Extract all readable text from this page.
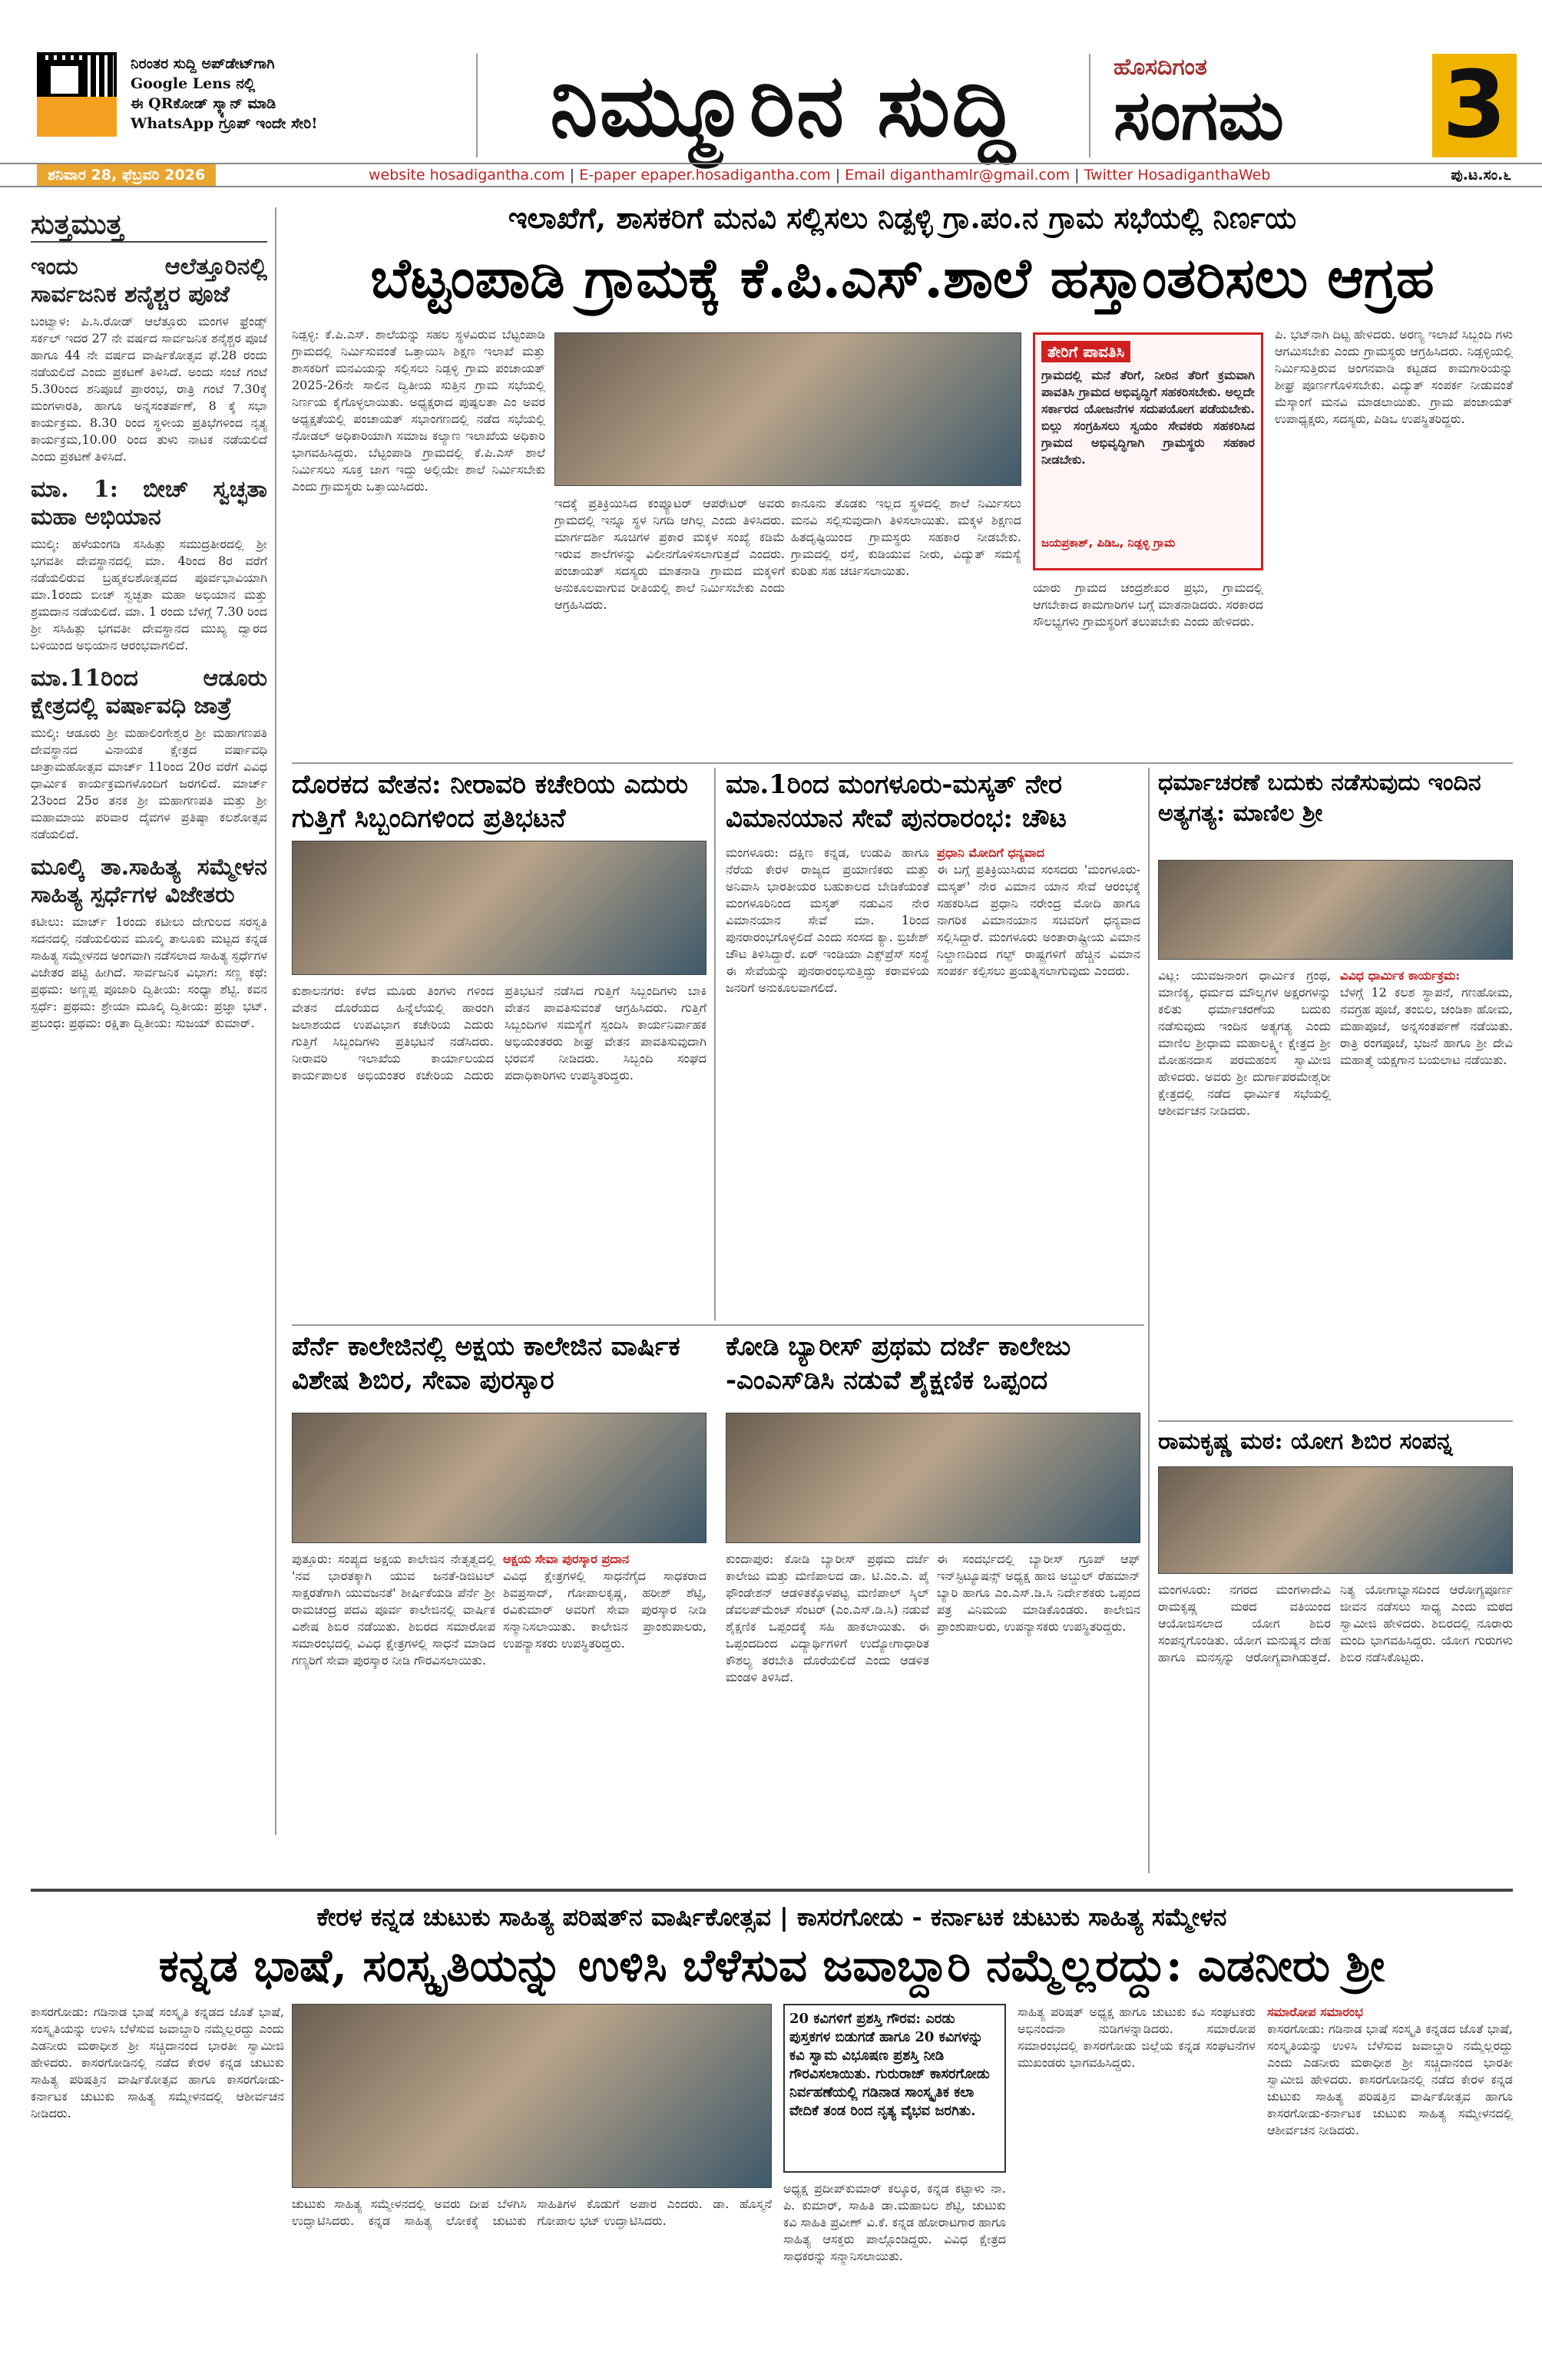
ನಿರಂತರ ಸುದ್ದಿ ಅಪ್‌ಡೇಟ್‌ಗಾಗಿ
Google Lens ನಲ್ಲಿ
ಈ QRಕೋಡ್ ಸ್ಕ್ಯಾನ್ ಮಾಡಿ
WhatsApp ಗ್ರೂಪ್ ಇಂದೇ ಸೇರಿ!	ನಿಮ್ಮೂರಿನ ಸುದ್ದಿ	ಹೊಸದಿಗಂತ
ಸಂಗಮ 3
ಶನಿವಾರ 28, ಫೆಬ್ರವರಿ 2026	website hosadigantha.com | E-paper epaper.hosadigantha.com | Email diganthamlr@gmail.com | Twitter HosadiganthaWeb	ಪು.ಟ.ಸಂ.೬
ಸುತ್ತಮುತ್ತ
ಇಂದು ಆಲೆತ್ತೂರಿನಲ್ಲಿ ಸಾರ್ವಜನಿಕ ಶನೈಶ್ಚರ ಪೂಜೆ
ಬಂಟ್ವಾಳ: ಪಿ.ಸಿ.ರೋಡ್ ಆಲೆತ್ತೂರು ಮಂಗಳ ಫ್ರೆಂಡ್ಸ್ ಸರ್ಕಲ್ ಇದರ 27 ನೇ ವರ್ಷದ ಸಾರ್ವಜನಿಕ ಶನೈಶ್ಚರ ಪೂಜೆ ಹಾಗೂ 44 ನೇ ವರ್ಷದ ವಾರ್ಷಿಕೋತ್ಸವ ಫೆ.28 ರಂದು ನಡೆಯಲಿದೆ ಎಂದು ಪ್ರಕಟಣೆ ತಿಳಿಸಿದೆ. ಅಂದು ಸಂಜೆ ಗಂಟೆ 5.30ರಿಂದ ಶನಿಪೂಜೆ ಪ್ರಾರಂಭ, ರಾತ್ರಿ ಗಂಟೆ 7.30ಕ್ಕೆ ಮಂಗಳಾರತಿ, ಹಾಗೂ ಅನ್ನಸಂತರ್ಪಣೆ, 8 ಕ್ಕೆ ಸಭಾ ಕಾರ್ಯಕ್ರಮ. 8.30 ರಿಂದ ಸ್ಥಳೀಯ ಪ್ರತಿಭೆಗಳಿಂದ ನೃತ್ಯ ಕಾರ್ಯಕ್ರಮ,10.00 ರಿಂದ ತುಳು ನಾಟಕ ನಡೆಯಲಿದೆ ಎಂದು ಪ್ರಕಟಣೆ ತಿಳಿಸಿದೆ.
ಮಾ. 1: ಬೀಚ್ ಸ್ವಚ್ಛತಾ ಮಹಾ ಅಭಿಯಾನ
ಮುಲ್ಕಿ: ಹಳೆಯಂಗಡಿ ಸಸಿಹಿತ್ಲು ಸಮುದ್ರತೀರದಲ್ಲಿ ಶ್ರೀ ಭಗವತೀ ದೇವಸ್ಥಾನದಲ್ಲಿ ಮಾ. 4ರಿಂದ 8ರ ವರೆಗೆ ನಡೆಯಲಿರುವ ಬ್ರಹ್ಮಕಲಶೋತ್ಸವದ ಪೂರ್ವಭಾವಿಯಾಗಿ ಮಾ.1ರಂದು ಬೀಚ್ ಸ್ವಚ್ಛತಾ ಮಹಾ ಅಭಿಯಾನ ಮತ್ತು ಶ್ರಮದಾನ ನಡೆಯಲಿದೆ. ಮಾ. 1 ರಂದು ಬೆಳಗ್ಗೆ 7.30 ರಿಂದ ಶ್ರೀ ಸಸಿಹಿತ್ಲು ಭಗವತೀ ದೇವಸ್ಥಾನದ ಮುಖ್ಯ ದ್ವಾರದ ಬಳಿಯಿಂದ ಅಭಿಯಾನ ಆರಂಭವಾಗಲಿದೆ.
ಮಾ.11ರಿಂದ ಆಡೂರು ಕ್ಷೇತ್ರದಲ್ಲಿ ವರ್ಷಾವಧಿ ಜಾತ್ರೆ
ಮುಲ್ಕಿ: ಆಡೂರು ಶ್ರೀ ಮಹಾಲಿಂಗೇಶ್ವರ ಶ್ರೀ ಮಹಾಗಣಪತಿ ದೇವಸ್ಥಾನದ ವಿನಾಯಕ ಕ್ಷೇತ್ರದ ವರ್ಷಾವಧಿ ಜಾತ್ರಾಮಹೋತ್ಸವ ಮಾರ್ಚ್ 11ರಿಂದ 20ರ ವರೆಗೆ ವಿವಿಧ ಧಾರ್ಮಿಕ ಕಾರ್ಯಕ್ರಮಗಳೊಂದಿಗೆ ಜರಗಲಿದೆ. ಮಾರ್ಚ್ 23ರಿಂದ 25ರ ತನಕ ಶ್ರೀ ಮಹಾಗಣಪತಿ ಮತ್ತು ಶ್ರೀ ಮಹಾಮಾಯಿ ಪರಿವಾರ ದೈವಗಳ ಪ್ರತಿಷ್ಠಾ ಕಲಶೋತ್ಸವ ನಡೆಯಲಿದೆ.
ಮೂಲ್ಕಿ ತಾ.ಸಾಹಿತ್ಯ ಸಮ್ಮೇಳನ ಸಾಹಿತ್ಯ ಸ್ಪರ್ಧೆಗಳ ವಿಜೇತರು
ಕಟೀಲು: ಮಾರ್ಚ್ 1ರಂದು ಕಟೀಲು ದೇಗುಲದ ಸರಸ್ವತಿ ಸದನದಲ್ಲಿ ನಡೆಯಲಿರುವ ಮೂಲ್ಕಿ ತಾಲೂಕು ಮಟ್ಟದ ಕನ್ನಡ ಸಾಹಿತ್ಯ ಸಮ್ಮೇಳನದ ಅಂಗವಾಗಿ ನಡೆಸಲಾದ ಸಾಹಿತ್ಯ ಸ್ಪರ್ಧೆಗಳ ವಿಜೇತರ ಪಟ್ಟಿ ಹೀಗಿದೆ. ಸಾರ್ವಜನಿಕ ವಿಭಾಗ: ಸಣ್ಣ ಕಥೆ: ಪ್ರಥಮ: ಅಣ್ಣಪ್ಪ ಪೂಜಾರಿ ದ್ವಿತೀಯ: ಸಂಧ್ಯಾ ಶೆಟ್ಟಿ. ಕವನ ಸ್ಪರ್ಧೆ: ಪ್ರಥಮ: ಶ್ರೇಯಾ ಮೂಲ್ಕಿ ದ್ವಿತೀಯ: ಪ್ರಜ್ಞಾ ಭಟ್. ಪ್ರಬಂಧ: ಪ್ರಥಮ: ರಕ್ಷಿತಾ ದ್ವಿತೀಯ: ಸುಜಯ್ ಕುಮಾರ್.
ಇಲಾಖೆಗೆ, ಶಾಸಕರಿಗೆ ಮನವಿ ಸಲ್ಲಿಸಲು ನಿಡ್ಪಳ್ಳಿ ಗ್ರಾ.ಪಂ.ನ ಗ್ರಾಮ ಸಭೆಯಲ್ಲಿ ನಿರ್ಣಯ
ಬೆಟ್ಟಂಪಾಡಿ ಗ್ರಾಮಕ್ಕೆ ಕೆ.ಪಿ.ಎಸ್.ಶಾಲೆ ಹಸ್ತಾಂತರಿಸಲು ಆಗ್ರಹ
ನಿಡ್ಪಳ್ಳಿ: ಕೆ.ಪಿ.ಎಸ್. ಶಾಲೆಯನ್ನು ಸಹಲ ಸ್ಥಳವಿರುವ ಬೆಟ್ಟಂಪಾಡಿ ಗ್ರಾಮದಲ್ಲಿ ನಿರ್ಮಿಸುವಂತೆ ಒತ್ತಾಯಿಸಿ ಶಿಕ್ಷಣ ಇಲಾಖೆ ಮತ್ತು ಶಾಸಕರಿಗೆ ಮನವಿಯನ್ನು ಸಲ್ಲಿಸಲು ನಿಡ್ಪಳ್ಳಿ ಗ್ರಾಮ ಪಂಚಾಯತ್ 2025-26ನೇ ಸಾಲಿನ ದ್ವಿತೀಯ ಸುತ್ತಿನ ಗ್ರಾಮ ಸಭೆಯಲ್ಲಿ ನಿರ್ಣಯ ಕೈಗೊಳ್ಳಲಾಯಿತು. ಅಧ್ಯಕ್ಷರಾದ ಪುಷ್ಪಲತಾ ಎಂ ಅವರ ಅಧ್ಯಕ್ಷತೆಯಲ್ಲಿ ಪಂಚಾಯತ್ ಸಭಾಂಗಣದಲ್ಲಿ ನಡೆದ ಸಭೆಯಲ್ಲಿ ನೋಡಲ್ ಅಧಿಕಾರಿಯಾಗಿ ಸಮಾಜ ಕಲ್ಯಾಣ ಇಲಾಖೆಯ ಅಧಿಕಾರಿ ಭಾಗವಹಿಸಿದ್ದರು. ಬೆಟ್ಟಂಪಾಡಿ ಗ್ರಾಮದಲ್ಲಿ ಕೆ.ಪಿ.ಎಸ್ ಶಾಲೆ ನಿರ್ಮಿಸಲು ಸೂಕ್ತ ಜಾಗ ಇದ್ದು ಅಲ್ಲಿಯೇ ಶಾಲೆ ನಿರ್ಮಿಸಬೇಕು ಎಂದು ಗ್ರಾಮಸ್ಥರು ಒತ್ತಾಯಿಸಿದರು.
ಇದಕ್ಕೆ ಪ್ರತಿಕ್ರಿಯಿಸಿದ ಕಂಪ್ಯೂಟರ್ ಆಪರೇಟರ್ ಅವರು ಗ್ರಾಮದಲ್ಲಿ ಇನ್ನೂ ಸ್ಥಳ ನಿಗದಿ ಆಗಿಲ್ಲ ಎಂದು ತಿಳಿಸಿದರು. ಮಾರ್ಗದರ್ಶಿ ಸೂಚಿಗಳ ಪ್ರಕಾರ ಮಕ್ಕಳ ಸಂಖ್ಯೆ ಕಡಿಮೆ ಇರುವ ಶಾಲೆಗಳನ್ನು ವಿಲೀನಗೊಳಿಸಲಾಗುತ್ತದೆ ಎಂದರು. ಪಂಚಾಯತ್ ಸದಸ್ಯರು ಮಾತನಾಡಿ ಗ್ರಾಮದ ಮಕ್ಕಳಿಗೆ ಅನುಕೂಲವಾಗುವ ರೀತಿಯಲ್ಲಿ ಶಾಲೆ ನಿರ್ಮಿಸಬೇಕು ಎಂದು ಆಗ್ರಹಿಸಿದರು.
ಕಾನೂನು ತೊಡಕು ಇಲ್ಲದ ಸ್ಥಳದಲ್ಲಿ ಶಾಲೆ ನಿರ್ಮಿಸಲು ಮನವಿ ಸಲ್ಲಿಸುವುದಾಗಿ ತಿಳಿಸಲಾಯಿತು. ಮಕ್ಕಳ ಶಿಕ್ಷಣದ ಹಿತದೃಷ್ಟಿಯಿಂದ ಗ್ರಾಮಸ್ಥರು ಸಹಕಾರ ನೀಡಬೇಕು. ಗ್ರಾಮದಲ್ಲಿ ರಸ್ತೆ, ಕುಡಿಯುವ ನೀರು, ವಿದ್ಯುತ್ ಸಮಸ್ಯೆ ಕುರಿತು ಸಹ ಚರ್ಚಿಸಲಾಯಿತು.
ತೇರಿಗೆ ಪಾವತಿಸಿ
ಗ್ರಾಮದಲ್ಲಿ ಮನೆ ತೆರಿಗೆ, ನೀರಿನ ತೆರಿಗೆ ಕ್ರಮವಾಗಿ ಪಾವತಿಸಿ ಗ್ರಾಮದ ಅಭಿವೃದ್ಧಿಗೆ ಸಹಕರಿಸಬೇಕು. ಅಲ್ಲದೇ ಸರ್ಕಾರದ ಯೋಜನೆಗಳ ಸದುಪಯೋಗ ಪಡೆಯಬೇಕು. ಬಿಲ್ಲು ಸಂಗ್ರಹಿಸಲು ಸ್ವಯಂ ಸೇವಕರು ಸಹಕರಿಸಿದ ಗ್ರಾಮದ ಅಭಿವೃದ್ಧಿಗಾಗಿ ಗ್ರಾಮಸ್ಥರು ಸಹಕಾರ ನೀಡಬೇಕು.
ಜಯಪ್ರಕಾಶ್, ಪಿಡಿಒ, ನಿಡ್ಪಳ್ಳಿ ಗ್ರಾಮ
ಯಾರು ಗ್ರಾಮದ ಚಂದ್ರಶೇಖರ ಪ್ರಭು, ಗ್ರಾಮದಲ್ಲಿ ಆಗಬೇಕಾದ ಕಾಮಗಾರಿಗಳ ಬಗ್ಗೆ ಮಾತನಾಡಿದರು. ಸರಕಾರದ ಸೌಲಭ್ಯಗಳು ಗ್ರಾಮಸ್ಥರಿಗೆ ತಲುಪಬೇಕು ಎಂದು ಹೇಳಿದರು.
ಪಿ. ಭಟ್‌ನಾಗಿ ದಿಟ್ಟ ಹೇಳಿದರು. ಅರಣ್ಯ ಇಲಾಖೆ ಸಿಬ್ಬಂದಿ ಗಳು ಆಗಮಿಸಬೇಕು ಎಂದು ಗ್ರಾಮಸ್ಥರು ಆಗ್ರಹಿಸಿದರು. ನಿಡ್ಪಳ್ಳಿಯಲ್ಲಿ ನಿರ್ಮಿಸುತ್ತಿರುವ ಅಂಗನವಾಡಿ ಕಟ್ಟಡದ ಕಾಮಗಾರಿಯನ್ನು ಶೀಘ್ರ ಪೂರ್ಣಗೊಳಿಸಬೇಕು. ವಿದ್ಯುತ್ ಸಂಪರ್ಕ ನೀಡುವಂತೆ ಮೆಸ್ಕಾಂಗೆ ಮನವಿ ಮಾಡಲಾಯಿತು. ಗ್ರಾಮ ಪಂಚಾಯತ್ ಉಪಾಧ್ಯಕ್ಷರು, ಸದಸ್ಯರು, ಪಿಡಿಒ ಉಪಸ್ಥಿತರಿದ್ದರು.
ದೊರಕದ ವೇತನ: ನೀರಾವರಿ ಕಚೇರಿಯ ಎದುರು ಗುತ್ತಿಗೆ ಸಿಬ್ಬಂದಿಗಳಿಂದ ಪ್ರತಿಭಟನೆ
ಕುಶಾಲನಗರ: ಕಳೆದ ಮೂರು ತಿಂಗಳು ಗಳಿಂದ ವೇತನ ದೊರೆಯದ ಹಿನ್ನೆಲೆಯಲ್ಲಿ ಹಾರಂಗಿ ಜಲಾಶಯದ ಉಪವಿಭಾಗ ಕಚೇರಿಯ ಎದುರು ಗುತ್ತಿಗೆ ಸಿಬ್ಬಂದಿಗಳು ಪ್ರತಿಭಟನೆ ನಡೆಸಿದರು. ನೀರಾವರಿ ಇಲಾಖೆಯ ಕಾರ್ಯಾಲಯದ ಕಾರ್ಯಪಾಲಕ ಅಭಿಯಂತರ ಕಚೇರಿಯ ಎದುರು ಪ್ರತಿಭಟನೆ ನಡೆಸಿದ ಗುತ್ತಿಗೆ ಸಿಬ್ಬಂದಿಗಳು ಬಾಕಿ ವೇತನ ಪಾವತಿಸುವಂತೆ ಆಗ್ರಹಿಸಿದರು. ಗುತ್ತಿಗೆ ಸಿಬ್ಬಂದಿಗಳ ಸಮಸ್ಯೆಗೆ ಸ್ಪಂದಿಸಿ ಕಾರ್ಯನಿರ್ವಾಹಕ ಅಭಿಯಂತರರು ಶೀಘ್ರ ವೇತನ ಪಾವತಿಸುವುದಾಗಿ ಭರವಸೆ ನೀಡಿದರು. ಸಿಬ್ಬಂದಿ ಸಂಘದ ಪದಾಧಿಕಾರಿಗಳು ಉಪಸ್ಥಿತರಿದ್ದರು.
ಮಾ.1ರಿಂದ ಮಂಗಳೂರು-ಮಸ್ಕತ್ ನೇರ ವಿಮಾನಯಾನ ಸೇವೆ ಪುನರಾರಂಭ: ಚೌಟ
ಮಂಗಳೂರು: ದಕ್ಷಿಣ ಕನ್ನಡ, ಉಡುಪಿ ಹಾಗೂ ನೆರೆಯ ಕೇರಳ ರಾಜ್ಯದ ಪ್ರಯಾಣಿಕರು ಮತ್ತು ಅನಿವಾಸಿ ಭಾರತೀಯರ ಬಹುಕಾಲದ ಬೇಡಿಕೆಯಂತೆ ಮಂಗಳೂರಿನಿಂದ ಮಸ್ಕತ್ ನಡುವಿನ ನೇರ ವಿಮಾನಯಾನ ಸೇವೆ ಮಾ. 1ರಿಂದ ಪುನರಾರಂಭಗೊಳ್ಳಲಿದೆ ಎಂದು ಸಂಸದ ಕ್ಯಾ. ಬ್ರಿಜೇಶ್ ಚೌಟ ತಿಳಿಸಿದ್ದಾರೆ. ಏರ್ ಇಂಡಿಯಾ ಎಕ್ಸ್‌ಪ್ರೆಸ್ ಸಂಸ್ಥೆ ಈ ಸೇವೆಯನ್ನು ಪುನರಾರಂಭಿಸುತ್ತಿದ್ದು ಕರಾವಳಿಯ ಜನರಿಗೆ ಅನುಕೂಲವಾಗಲಿದೆ.
ಪ್ರಧಾನಿ ಮೋದಿಗೆ ಧನ್ಯವಾದ
ಈ ಬಗ್ಗೆ ಪ್ರತಿಕ್ರಿಯಿಸಿರುವ ಸಂಸದರು 'ಮಂಗಳೂರು-ಮಸ್ಕತ್' ನೇರ ವಿಮಾನ ಯಾನ ಸೇವೆ ಆರಂಭಕ್ಕೆ ಸಹಕರಿಸಿದ ಪ್ರಧಾನಿ ನರೇಂದ್ರ ಮೋದಿ ಹಾಗೂ ನಾಗರಿಕ ವಿಮಾನಯಾನ ಸಚಿವರಿಗೆ ಧನ್ಯವಾದ ಸಲ್ಲಿಸಿದ್ದಾರೆ. ಮಂಗಳೂರು ಅಂತಾರಾಷ್ಟ್ರೀಯ ವಿಮಾನ ನಿಲ್ದಾಣದಿಂದ ಗಲ್ಫ್ ರಾಷ್ಟ್ರಗಳಿಗೆ ಹೆಚ್ಚಿನ ವಿಮಾನ ಸಂಪರ್ಕ ಕಲ್ಪಿಸಲು ಪ್ರಯತ್ನಿಸಲಾಗುವುದು ಎಂದರು.
ಧರ್ಮಾಚರಣೆ ಬದುಕು ನಡೆಸುವುದು ಇಂದಿನ ಅತ್ಯಗತ್ಯ: ಮಾಣಿಲ ಶ್ರೀ
ವಿಟ್ಲ: ಯುವಜನಾಂಗ ಧಾರ್ಮಿಕ ಗ್ರಂಥ, ಮಾಣಿಕ್ಯ, ಧರ್ಮದ ಮೌಲ್ಯಗಳ ಅಕ್ಷರಗಳನ್ನು ಕಲಿತು ಧರ್ಮಾಚರಣೆಯ ಬದುಕು ನಡೆಸುವುದು ಇಂದಿನ ಅತ್ಯಗತ್ಯ ಎಂದು ಮಾಣಿಲ ಶ್ರೀಧಾಮ ಮಹಾಲಕ್ಷ್ಮೀ ಕ್ಷೇತ್ರದ ಶ್ರೀ ಮೋಹನದಾಸ ಪರಮಹಂಸ ಸ್ವಾಮೀಜಿ ಹೇಳಿದರು. ಅವರು ಶ್ರೀ ದುರ್ಗಾಪರಮೇಶ್ವರೀ ಕ್ಷೇತ್ರದಲ್ಲಿ ನಡೆದ ಧಾರ್ಮಿಕ ಸಭೆಯಲ್ಲಿ ಆಶೀರ್ವಚನ ನೀಡಿದರು.
ವಿವಿಧ ಧಾರ್ಮಿಕ ಕಾರ್ಯಕ್ರಮ:
ಬೆಳಗ್ಗೆ 12 ಕಲಶ ಸ್ಥಾಪನೆ, ಗಣಹೋಮ, ನವಗ್ರಹ ಪೂಜೆ, ತಂಬಿಲ, ಚಂಡಿಕಾ ಹೋಮ, ಮಹಾಪೂಜೆ, ಅನ್ನಸಂತರ್ಪಣೆ ನಡೆಯಿತು. ರಾತ್ರಿ ರಂಗಪೂಜೆ, ಭಜನೆ ಹಾಗೂ ಶ್ರೀ ದೇವಿ ಮಹಾತ್ಮೆ ಯಕ್ಷಗಾನ ಬಯಲಾಟ ನಡೆಯಿತು.
ಪೆರ್ನೆ ಕಾಲೇಜಿನಲ್ಲಿ ಅಕ್ಷಯ ಕಾಲೇಜಿನ ವಾರ್ಷಿಕ ವಿಶೇಷ ಶಿಬಿರ, ಸೇವಾ ಪುರಸ್ಕಾರ
ಪುತ್ತೂರು: ಸಂಪ್ಯದ ಅಕ್ಷಯ ಕಾಲೇಜಿನ ನೇತೃತ್ವದಲ್ಲಿ 'ನವ ಭಾರತಕ್ಕಾಗಿ ಯುವ ಜನತೆ-ಡಿಜಿಟಲ್ ಸಾಕ್ಷರತೆಗಾಗಿ ಯುವಜನತೆ' ಶೀರ್ಷಿಕೆಯಡಿ ಪೆರ್ನೆ ಶ್ರೀ ರಾಮಚಂದ್ರ ಪದವಿ ಪೂರ್ವ ಕಾಲೇಜಿನಲ್ಲಿ ವಾರ್ಷಿಕ ವಿಶೇಷ ಶಿಬಿರ ನಡೆಯಿತು. ಶಿಬಿರದ ಸಮಾರೋಪ ಸಮಾರಂಭದಲ್ಲಿ ವಿವಿಧ ಕ್ಷೇತ್ರಗಳಲ್ಲಿ ಸಾಧನೆ ಮಾಡಿದ ಗಣ್ಯರಿಗೆ ಸೇವಾ ಪುರಸ್ಕಾರ ನೀಡಿ ಗೌರವಿಸಲಾಯಿತು.
ಅಕ್ಷಯ ಸೇವಾ ಪುರಸ್ಕಾರ ಪ್ರದಾನ
ವಿವಿಧ ಕ್ಷೇತ್ರಗಳಲ್ಲಿ ಸಾಧನೆಗೈದ ಸಾಧಕರಾದ ಶಿವಪ್ರಸಾದ್, ಗೋಪಾಲಕೃಷ್ಣ, ಹರೀಶ್ ಶೆಟ್ಟಿ, ರವಿಕುಮಾರ್ ಅವರಿಗೆ ಸೇವಾ ಪುರಸ್ಕಾರ ನೀಡಿ ಸನ್ಮಾನಿಸಲಾಯಿತು. ಕಾಲೇಜಿನ ಪ್ರಾಂಶುಪಾಲರು, ಉಪನ್ಯಾಸಕರು ಉಪಸ್ಥಿತರಿದ್ದರು.
ಕೋಡಿ ಬ್ಯಾರೀಸ್ ಪ್ರಥಮ ದರ್ಜೆ ಕಾಲೇಜು -ಎಂಎಸ್‌ಡಿಸಿ ನಡುವೆ ಶೈಕ್ಷಣಿಕ ಒಪ್ಪಂದ
ಕುಂದಾಪುರ: ಕೋಡಿ ಬ್ಯಾರೀಸ್ ಪ್ರಥಮ ದರ್ಜೆ ಕಾಲೇಜು ಮತ್ತು ಮಣಿಪಾಲದ ಡಾ. ಟಿ.ಎಂ.ಎ. ಪೈ ಫೌಂಡೇಶನ್ ಆಡಳಿತಕ್ಕೊಳಪಟ್ಟ ಮಣಿಪಾಲ್ ಸ್ಕಿಲ್ ಡೆವಲಪ್‌ಮೆಂಟ್ ಸೆಂಟರ್ (ಎಂ.ಎಸ್.ಡಿ.ಸಿ) ನಡುವೆ ಶೈಕ್ಷಣಿಕ ಒಪ್ಪಂದಕ್ಕೆ ಸಹಿ ಹಾಕಲಾಯಿತು. ಈ ಒಪ್ಪಂದದಿಂದ ವಿದ್ಯಾರ್ಥಿಗಳಿಗೆ ಉದ್ಯೋಗಾಧಾರಿತ ಕೌಶಲ್ಯ ತರಬೇತಿ ದೊರೆಯಲಿದೆ ಎಂದು ಆಡಳಿತ ಮಂಡಳಿ ತಿಳಿಸಿದೆ.
ಈ ಸಂದರ್ಭದಲ್ಲಿ ಬ್ಯಾರೀಸ್ ಗ್ರೂಪ್ ಆಫ್ ಇನ್‌ಸ್ಟಿಟ್ಯೂಷನ್ಸ್ ಅಧ್ಯಕ್ಷ ಹಾಜಿ ಅಬ್ದುಲ್ ರೆಹಮಾನ್ ಬ್ಯಾರಿ ಹಾಗೂ ಎಂ.ಎಸ್.ಡಿ.ಸಿ ನಿರ್ದೇಶಕರು ಒಪ್ಪಂದ ಪತ್ರ ವಿನಿಮಯ ಮಾಡಿಕೊಂಡರು. ಕಾಲೇಜಿನ ಪ್ರಾಂಶುಪಾಲರು, ಉಪನ್ಯಾಸಕರು ಉಪಸ್ಥಿತರಿದ್ದರು.
ರಾಮಕೃಷ್ಣ ಮಠ: ಯೋಗ ಶಿಬಿರ ಸಂಪನ್ನ
ಮಂಗಳೂರು: ನಗರದ ಮಂಗಳಾದೇವಿ ರಾಮಕೃಷ್ಣ ಮಠದ ವತಿಯಿಂದ ಆಯೋಜಿಸಲಾದ ಯೋಗ ಶಿಬಿರ ಸಂಪನ್ನಗೊಂಡಿತು. ಯೋಗ ಮನುಷ್ಯನ ದೇಹ ಹಾಗೂ ಮನಸ್ಸನ್ನು ಆರೋಗ್ಯವಾಗಿಡುತ್ತದೆ. ನಿತ್ಯ ಯೋಗಾಭ್ಯಾಸದಿಂದ ಆರೋಗ್ಯಪೂರ್ಣ ಜೀವನ ನಡೆಸಲು ಸಾಧ್ಯ ಎಂದು ಮಠದ ಸ್ವಾಮೀಜಿ ಹೇಳಿದರು. ಶಿಬಿರದಲ್ಲಿ ನೂರಾರು ಮಂದಿ ಭಾಗವಹಿಸಿದ್ದರು. ಯೋಗ ಗುರುಗಳು ಶಿಬಿರ ನಡೆಸಿಕೊಟ್ಟರು.
ಕೇರಳ ಕನ್ನಡ ಚುಟುಕು ಸಾಹಿತ್ಯ ಪರಿಷತ್‌ನ ವಾರ್ಷಿಕೋತ್ಸವ | ಕಾಸರಗೋಡು - ಕರ್ನಾಟಕ ಚುಟುಕು ಸಾಹಿತ್ಯ ಸಮ್ಮೇಳನ
ಕನ್ನಡ ಭಾಷೆ, ಸಂಸ್ಕೃತಿಯನ್ನು ಉಳಿಸಿ ಬೆಳೆಸುವ ಜವಾಬ್ದಾರಿ ನಮ್ಮೆಲ್ಲರದ್ದು: ಎಡನೀರು ಶ್ರೀ
ಕಾಸರಗೋಡು: ಗಡಿನಾಡ ಭಾಷೆ ಸಂಸ್ಕೃತಿ ಕನ್ನಡದ ಜೊತೆ ಭಾಷೆ, ಸಂಸ್ಕೃತಿಯನ್ನು ಉಳಿಸಿ ಬೆಳೆಸುವ ಜವಾಬ್ದಾರಿ ನಮ್ಮೆಲ್ಲರದ್ದು ಎಂದು ಎಡನೀರು ಮಠಾಧೀಶ ಶ್ರೀ ಸಚ್ಚಿದಾನಂದ ಭಾರತೀ ಸ್ವಾಮೀಜಿ ಹೇಳಿದರು. ಕಾಸರಗೋಡಿನಲ್ಲಿ ನಡೆದ ಕೇರಳ ಕನ್ನಡ ಚುಟುಕು ಸಾಹಿತ್ಯ ಪರಿಷತ್ತಿನ ವಾರ್ಷಿಕೋತ್ಸವ ಹಾಗೂ ಕಾಸರಗೋಡು-ಕರ್ನಾಟಕ ಚುಟುಕು ಸಾಹಿತ್ಯ ಸಮ್ಮೇಳನದಲ್ಲಿ ಆಶೀರ್ವಚನ ನೀಡಿದರು.
ಚುಟುಕು ಸಾಹಿತ್ಯ ಸಮ್ಮೇಳನದಲ್ಲಿ ಅವರು ದೀಪ ಬೆಳಗಿಸಿ ಉದ್ಘಾಟಿಸಿದರು. ಕನ್ನಡ ಸಾಹಿತ್ಯ ಲೋಕಕ್ಕೆ ಚುಟುಕು ಸಾಹಿತಿಗಳ ಕೊಡುಗೆ ಅಪಾರ ಎಂದರು. ಡಾ. ಹೊಸ್ಮನೆ ಗೋಪಾಲ ಭಟ್ ಉದ್ಘಾಟಿಸಿದರು.
20 ಕವಿಗಳಿಗೆ ಪ್ರಶಸ್ತಿ ಗೌರವ: ಎರಡು ಪುಸ್ತಕಗಳ ಬಿಡುಗಡೆ ಹಾಗೂ 20 ಕವಿಗಳನ್ನು ಕವಿ ಸ್ವಾಮ ವಿಭೂಷಣ ಪ್ರಶಸ್ತಿ ನೀಡಿ ಗೌರವಿಸಲಾಯಿತು. ಗುರುರಾಜ್ ಕಾಸರಗೋಡು ನಿರ್ವಹಣೆಯಲ್ಲಿ ಗಡಿನಾಡ ಸಾಂಸ್ಕೃತಿಕ ಕಲಾ ವೇದಿಕೆ ತಂಡ ರಿಂದ ನೃತ್ಯ ವೈಭವ ಜರಗಿತು.
ಅಧ್ಯಕ್ಷ ಪ್ರದೀಪ್‌ಕುಮಾರ್ ಕಲ್ಕೂರ, ಕನ್ನಡ ಕಟ್ಟಾಳು ನಾ. ಪಿ. ಕುಮಾರ್, ಸಾಹಿತಿ ಡಾ.ಮಹಾಬಲ ಶೆಟ್ಟಿ, ಚುಟುಕು ಕವಿ ಸಾಹಿತಿ ಪ್ರವೀಣ್ ವಿ.ಕೆ. ಕನ್ನಡ ಹೋರಾಟಗಾರ ಹಾಗೂ ಸಾಹಿತ್ಯ ಆಸಕ್ತರು ಪಾಲ್ಗೊಂಡಿದ್ದರು. ವಿವಿಧ ಕ್ಷೇತ್ರದ ಸಾಧಕರನ್ನು ಸನ್ಮಾನಿಸಲಾಯಿತು.
ಸಾಹಿತ್ಯ ಪರಿಷತ್ ಅಧ್ಯಕ್ಷ ಹಾಗೂ ಚುಟುಕು ಕವಿ ಸಂಘಟಕರು ಅಭಿನಂದನಾ ನುಡಿಗಳನ್ನಾಡಿದರು. ಸಮಾರೋಪ ಸಮಾರಂಭದಲ್ಲಿ ಕಾಸರಗೋಡು ಜಿಲ್ಲೆಯ ಕನ್ನಡ ಸಂಘಟನೆಗಳ ಮುಖಂಡರು ಭಾಗವಹಿಸಿದ್ದರು.
ಸಮಾರೋಪ ಸಮಾರಂಭ
ಕಾಸರಗೋಡು: ಗಡಿನಾಡ ಭಾಷೆ ಸಂಸ್ಕೃತಿ ಕನ್ನಡದ ಜೊತೆ ಭಾಷೆ, ಸಂಸ್ಕೃತಿಯನ್ನು ಉಳಿಸಿ ಬೆಳೆಸುವ ಜವಾಬ್ದಾರಿ ನಮ್ಮೆಲ್ಲರದ್ದು ಎಂದು ಎಡನೀರು ಮಠಾಧೀಶ ಶ್ರೀ ಸಚ್ಚಿದಾನಂದ ಭಾರತೀ ಸ್ವಾಮೀಜಿ ಹೇಳಿದರು. ಕಾಸರಗೋಡಿನಲ್ಲಿ ನಡೆದ ಕೇರಳ ಕನ್ನಡ ಚುಟುಕು ಸಾಹಿತ್ಯ ಪರಿಷತ್ತಿನ ವಾರ್ಷಿಕೋತ್ಸವ ಹಾಗೂ ಕಾಸರಗೋಡು-ಕರ್ನಾಟಕ ಚುಟುಕು ಸಾಹಿತ್ಯ ಸಮ್ಮೇಳನದಲ್ಲಿ ಆಶೀರ್ವಚನ ನೀಡಿದರು.
